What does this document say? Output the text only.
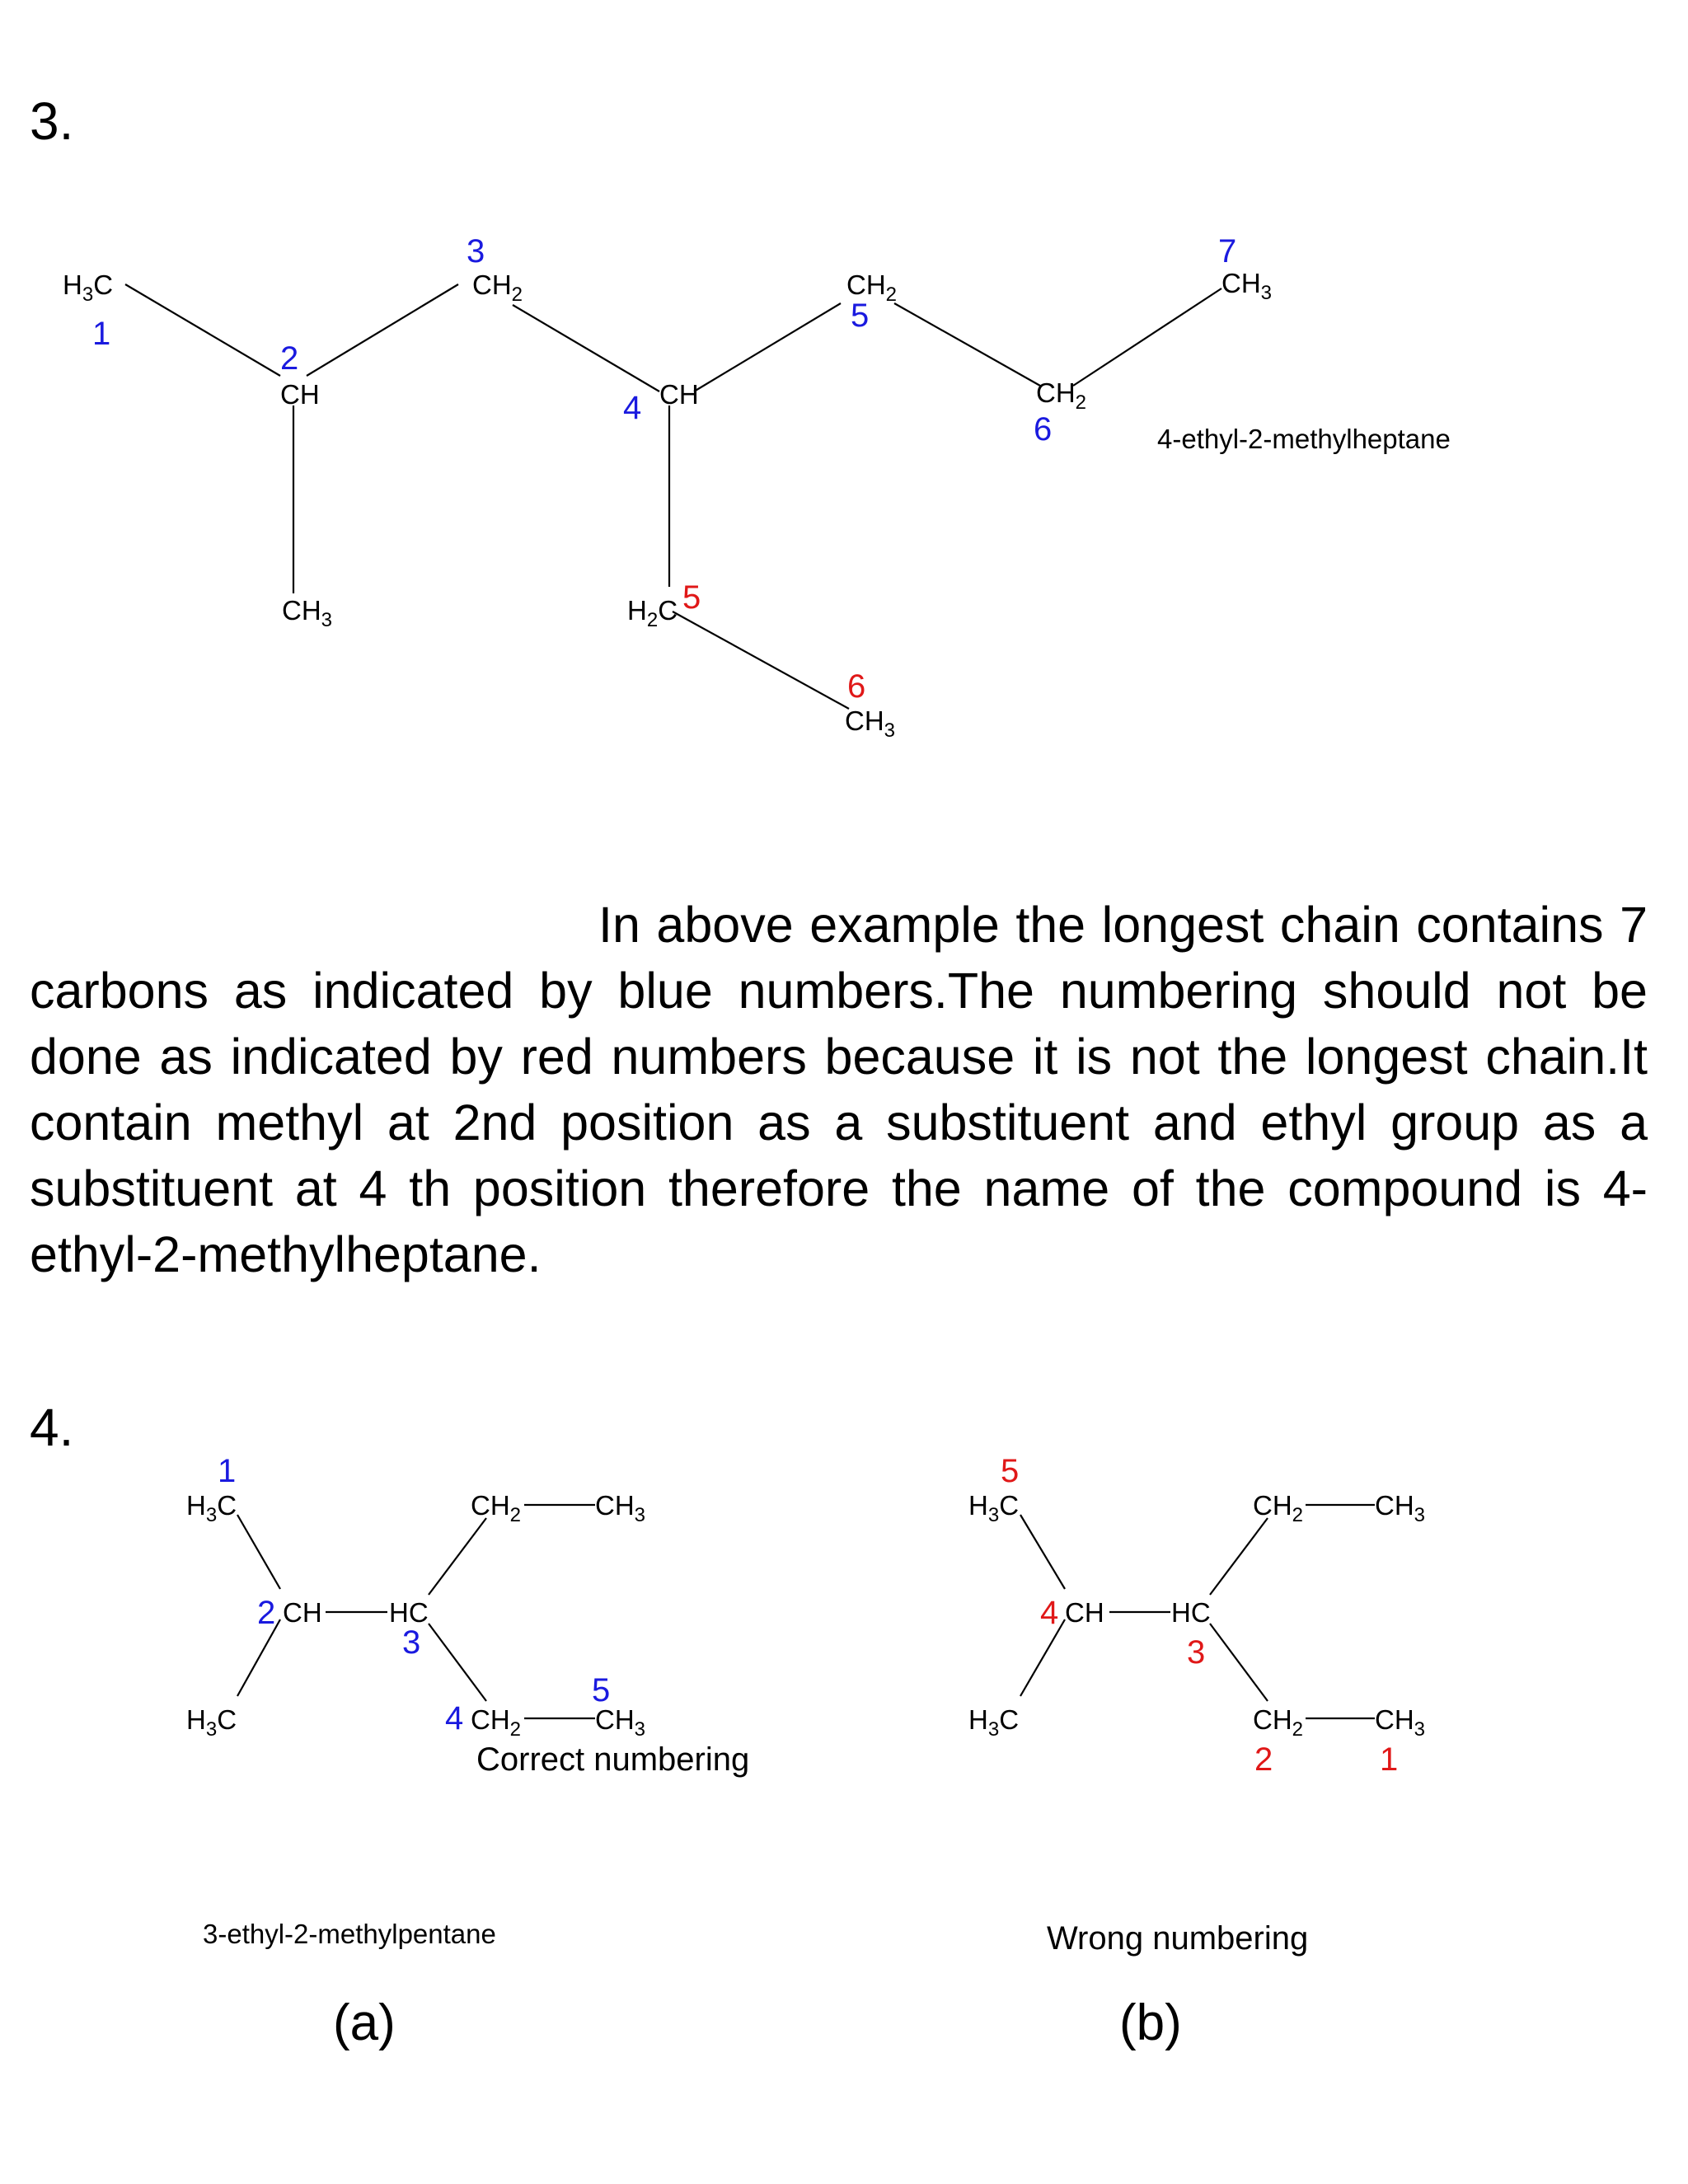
3.
$H_3C$
CH
$CH_2$
CH
$CH_2$
$CH_2$
$CH_3$
$CH_3$	$H_2C$
$CH_3$
1
2
3
4
5
6
7
5
6
4-ethyl-2-methylheptane
$H_3C$
$H_3C$
CH HC
$CH_2$	$CH_3$
$CH_2$	$CH_3$
1
2
3
4
5
Correct numbering
3-ethyl-2-methylpentane
(a)
$H_3C$
$H_3C$
CH HC
$CH_2$	$CH_3$
$CH_2$	$CH_3$
5
4
3
2	1
Wrong numbering
(b)

In above example the longest chain contains 7 carbons as indicated by blue numbers.The numbering should not be done as indicated by red numbers because it is not the longest chain.It contain methyl at 2nd position as a substituent and ethyl group as a substituent at 4 th position therefore the name of the compound is 4-ethyl-2-methylheptane.

4.
